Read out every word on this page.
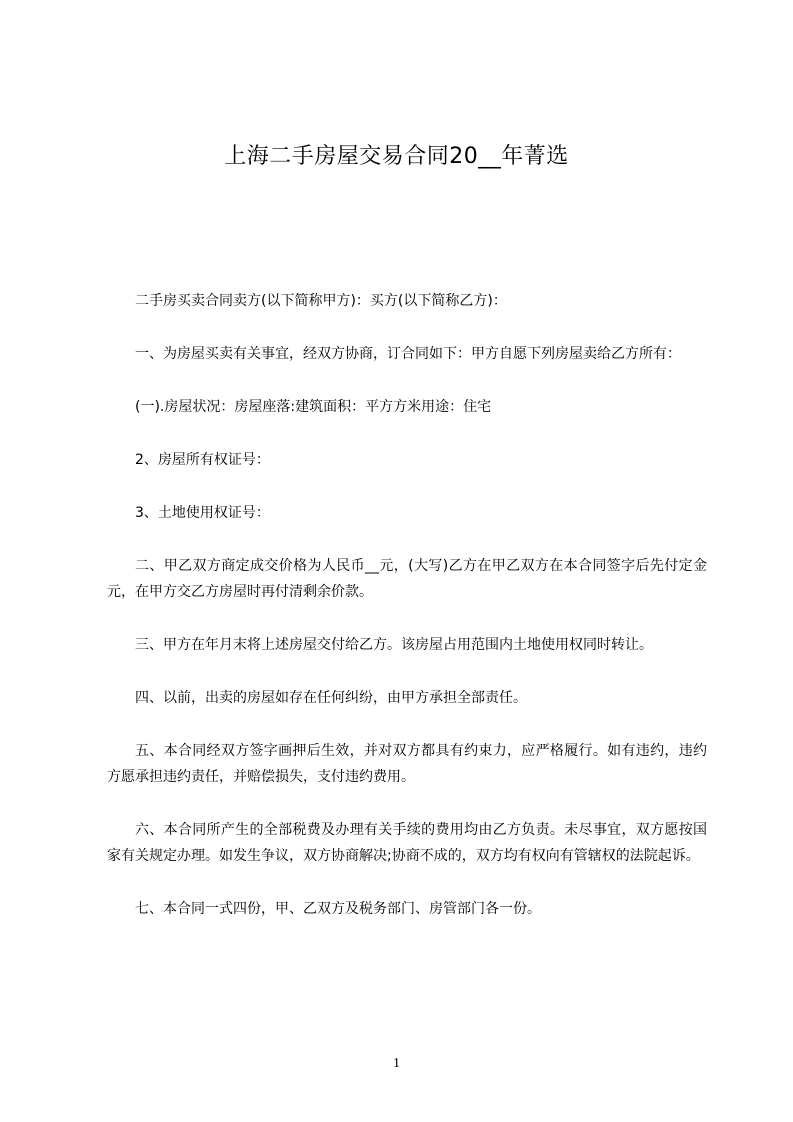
上海二手房屋交易合同20__年菁选

二手房买卖合同卖方(以下简称甲方)：买方(以下简称乙方)：

一、为房屋买卖有关事宜，经双方协商，订合同如下：甲方自愿下列房屋卖给乙方所有：

(一).房屋状况：房屋座落:建筑面积：平方方米用途：住宅

2、房屋所有权证号：

3、土地使用权证号：

二、甲乙双方商定成交价格为人民币__元，(大写)乙方在甲乙双方在本合同签字后先付定金元，在甲方交乙方房屋时再付清剩余价款。

三、甲方在年月末将上述房屋交付给乙方。该房屋占用范围内土地使用权同时转让。

四、以前，出卖的房屋如存在任何纠纷，由甲方承担全部责任。

五、本合同经双方签字画押后生效，并对双方都具有约束力，应严格履行。如有违约，违约方愿承担违约责任，并赔偿损失，支付违约费用。

六、本合同所产生的全部税费及办理有关手续的费用均由乙方负责。未尽事宜，双方愿按国家有关规定办理。如发生争议，双方协商解决;协商不成的，双方均有权向有管辖权的法院起诉。

七、本合同一式四份，甲、乙双方及税务部门、房管部门各一份。

1
